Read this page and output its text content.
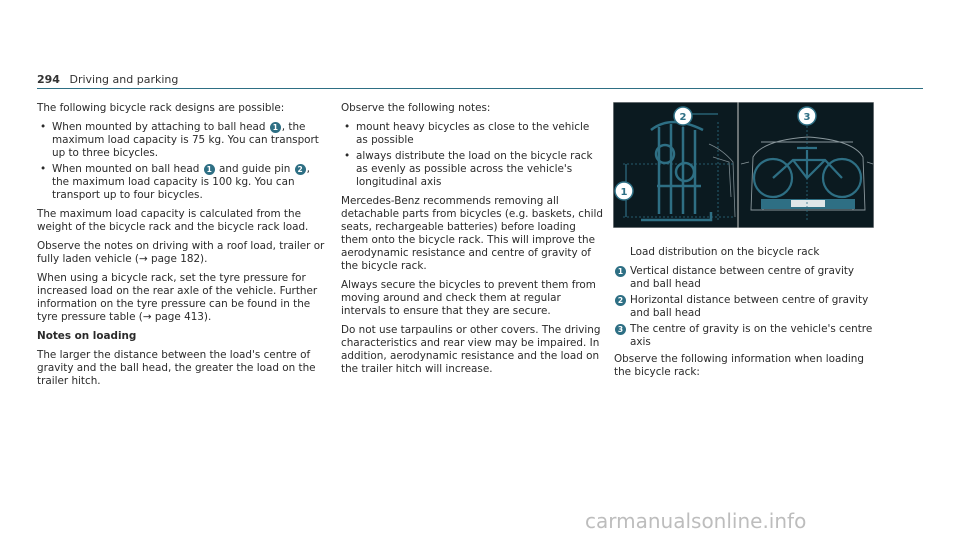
294 Driving and parking

The following bicycle rack designs are possible:

• When mounted by attaching to ball head 1 , the maximum load capacity is 75 kg. You can transport up to three bicycles.
• When mounted on ball head 1 and guide pin 2 , the maximum load capacity is 100 kg. You can transport up to four bicycles.

The maximum load capacity is calculated from the weight of the bicycle rack and the bicycle rack load.

Observe the notes on driving with a roof load, trailer or fully laden vehicle (→ page 182).

When using a bicycle rack, set the tyre pressure for increased load on the rear axle of the vehicle. Further information on the tyre pressure can be found in the tyre pressure table (→ page 413).

Notes on loading

The larger the distance between the load's centre of gravity and the ball head, the greater the load on the trailer hitch.

Observe the following notes:

• mount heavy bicycles as close to the vehicle as possible
• always distribute the load on the bicycle rack as evenly as possible across the vehicle's longitudinal axis

Mercedes-Benz recommends removing all detachable parts from bicycles (e.g. baskets, child seats, rechargeable batteries) before loading them onto the bicycle rack. This will improve the aerodynamic resistance and centre of gravity of the bicycle rack.

Always secure the bicycles to prevent them from moving around and check them at regular intervals to ensure that they are secure.

Do not use tarpaulins or other covers. The driving characteristics and rear view may be impaired. In addition, aerodynamic resistance and the load on the trailer hitch will increase.

1
2	3

Load distribution on the bicycle rack

1 Vertical distance between centre of gravity and ball head
2 Horizontal distance between centre of gravity and ball head
3 The centre of gravity is on the vehicle's centre axis

Observe the following information when loading the bicycle rack:

carmanualsonline.info
